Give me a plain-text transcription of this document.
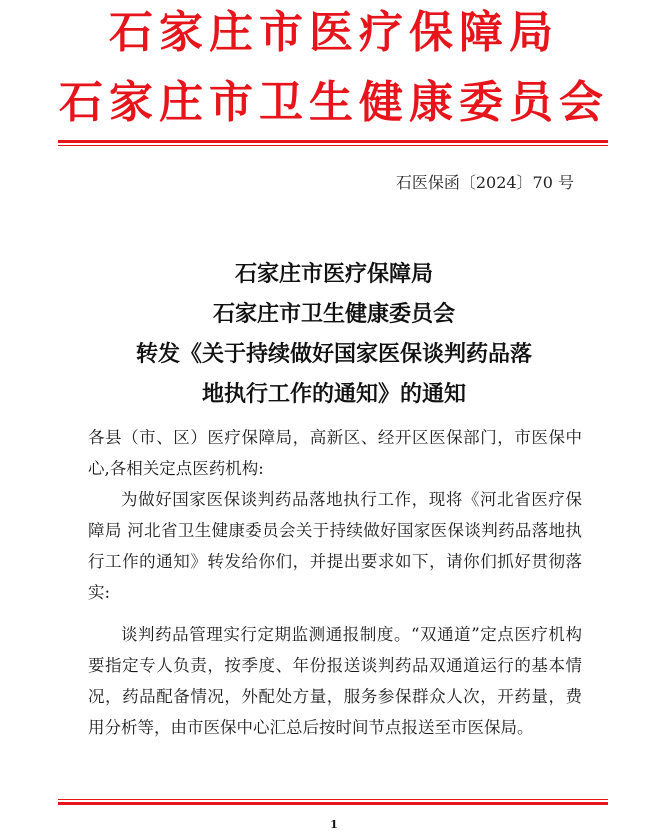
石家庄市医疗保障局
石家庄市卫生健康委员会
石医保函〔2024〕70 号
石家庄市医疗保障局
石家庄市卫生健康委员会
转发《关于持续做好国家医保谈判药品落
地执行工作的通知》的通知
各县（市、区）医疗保障局，高新区、经开区医保部门，市医保中心,各相关定点医药机构:
为做好国家医保谈判药品落地执行工作，现将《河北省医疗保障局 河北省卫生健康委员会关于持续做好国家医保谈判药品落地执行工作的通知》转发给你们，并提出要求如下，请你们抓好贯彻落实:
谈判药品管理实行定期监测通报制度。“双通道”定点医疗机构要指定专人负责，按季度、年份报送谈判药品双通道运行的基本情况，药品配备情况，外配处方量，服务参保群众人次，开药量，费用分析等，由市医保中心汇总后按时间节点报送至市医保局。
1
